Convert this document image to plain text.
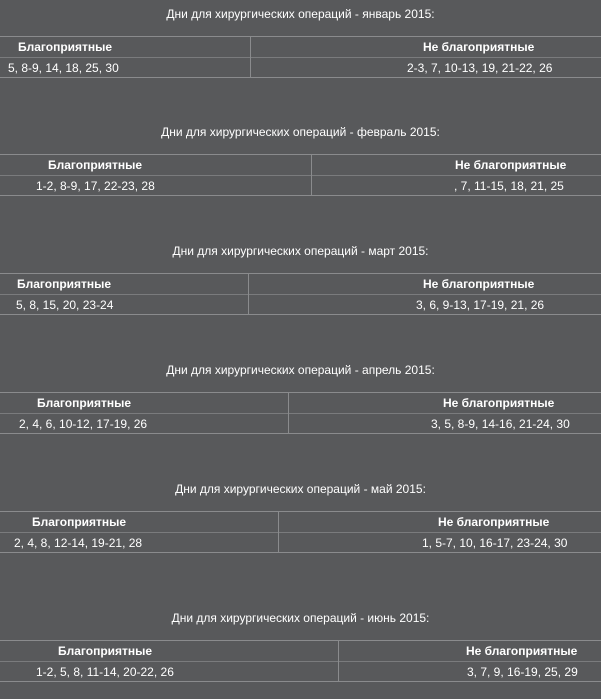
Дни для хирургических операций - январь 2015:
Благоприятные	Не благоприятные
5, 8-9, 14, 18, 25, 30	2-3, 7, 10-13, 19, 21-22, 26
Дни для хирургических операций - февраль 2015:
Благоприятные	Не благоприятные
1-2, 8-9, 17, 22-23, 28	, 7, 11-15, 18, 21, 25
Дни для хирургических операций - март 2015:
Благоприятные	Не благоприятные
5, 8, 15, 20, 23-24	3, 6, 9-13, 17-19, 21, 26
Дни для хирургических операций - апрель 2015:
Благоприятные	Не благоприятные
2, 4, 6, 10-12, 17-19, 26	3, 5, 8-9, 14-16, 21-24, 30
Дни для хирургических операций - май 2015:
Благоприятные	Не благоприятные
2, 4, 8, 12-14, 19-21, 28	1, 5-7, 10, 16-17, 23-24, 30
Дни для хирургических операций - июнь 2015:
Благоприятные	Не благоприятные
1-2, 5, 8, 11-14, 20-22, 26	3, 7, 9, 16-19, 25, 29
